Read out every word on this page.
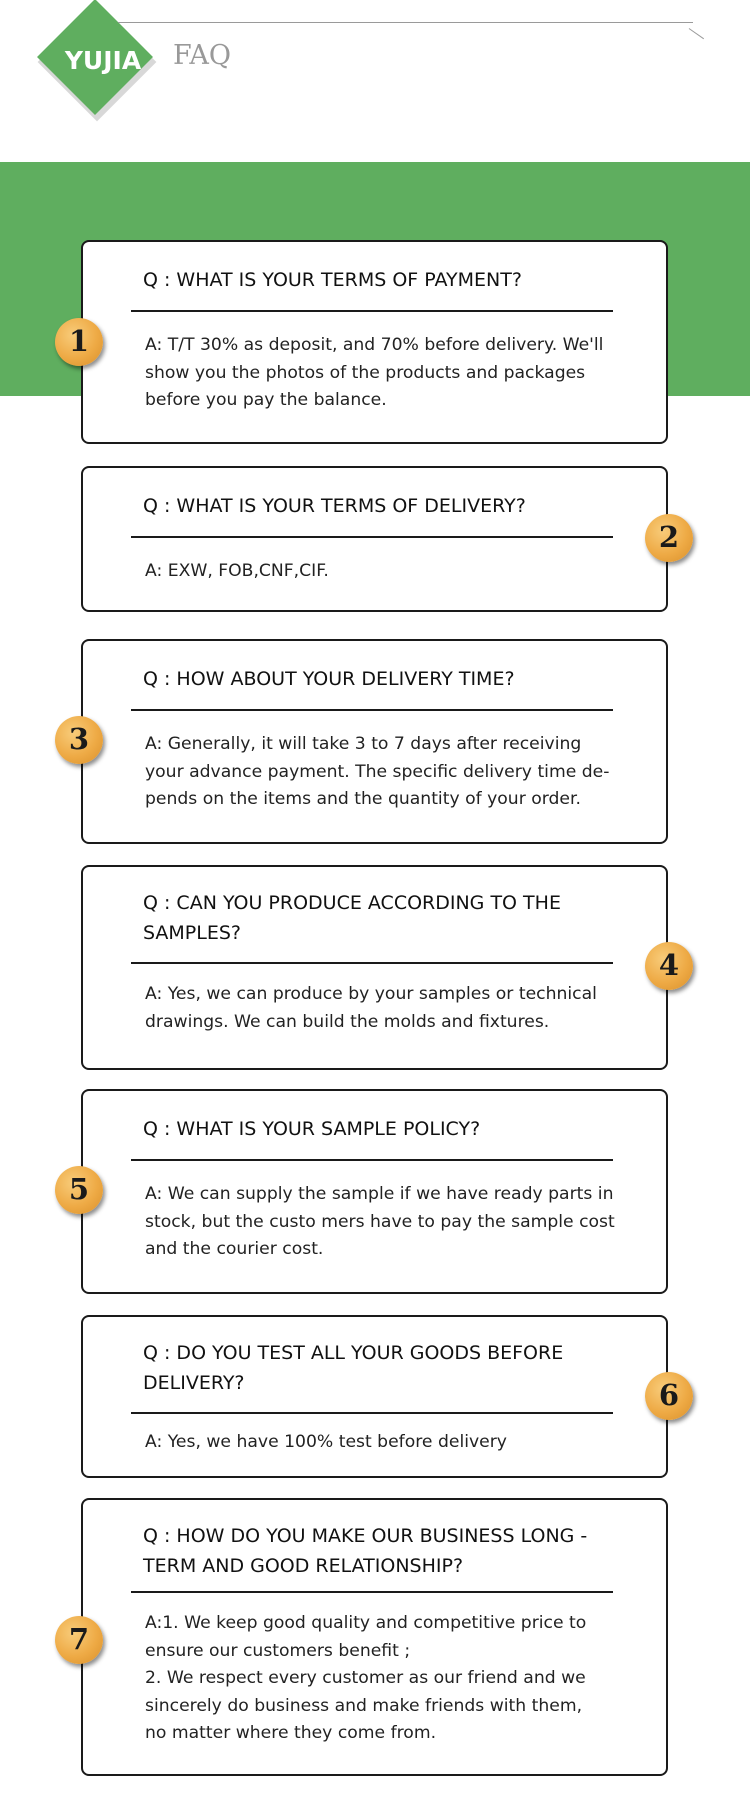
YUJIA	FAQ

Q : WHAT IS YOUR TERMS OF PAYMENT?

A: T/T 30% as deposit, and 70% before delivery. We'll
show you the photos of the products and packages
before you pay the balance.

1

Q : WHAT IS YOUR TERMS OF DELIVERY?

A: EXW, FOB,CNF,CIF.

2

Q : HOW ABOUT YOUR DELIVERY TIME?

A: Generally, it will take 3 to 7 days after receiving
your advance payment. The specific delivery time de-
pends on the items and the quantity of your order.

3

Q : CAN YOU PRODUCE ACCORDING TO THE SAMPLES?

A: Yes, we can produce by your samples or technical
drawings. We can build the molds and fixtures.

4

Q : WHAT IS YOUR SAMPLE POLICY?

A: We can supply the sample if we have ready parts in
stock, but the custo mers have to pay the sample cost
and the courier cost.

5

Q : DO YOU TEST ALL YOUR GOODS BEFORE DELIVERY?

A: Yes, we have 100% test before delivery

6

Q : HOW DO YOU MAKE OUR BUSINESS LONG -TERM AND GOOD RELATIONSHIP?

A:1. We keep good quality and competitive price to
ensure our customers benefit ;
2. We respect every customer as our friend and we
sincerely do business and make friends with them,
no matter where they come from.

7
